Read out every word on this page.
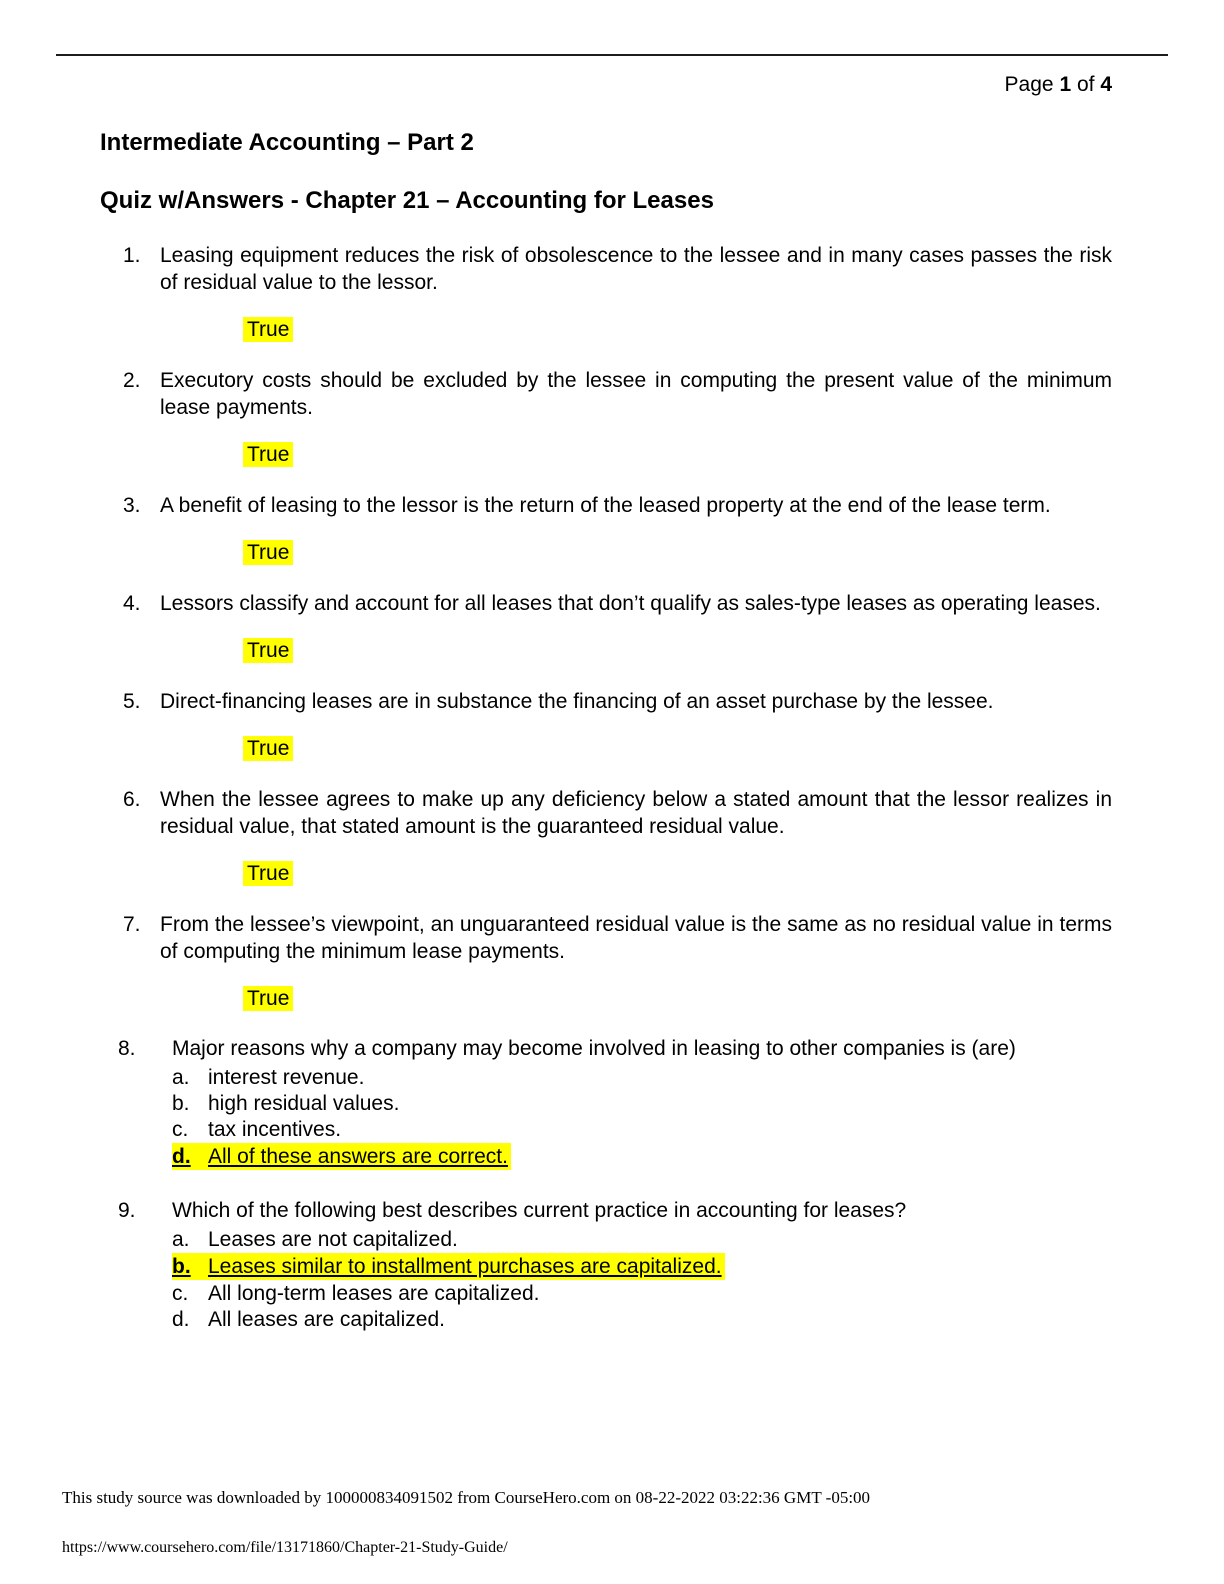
Page 1 of 4
Intermediate Accounting – Part 2
Quiz w/Answers - Chapter 21 – Accounting for Leases
1. Leasing equipment reduces the risk of obsolescence to the lessee and in many cases passes the risk of residual value to the lessor.
True
2. Executory costs should be excluded by the lessee in computing the present value of the minimum lease payments.
True
3. A benefit of leasing to the lessor is the return of the leased property at the end of the lease term.
True
4. Lessors classify and account for all leases that don’t qualify as sales-type leases as operating leases.
True
5. Direct-financing leases are in substance the financing of an asset purchase by the lessee.
True
6. When the lessee agrees to make up any deficiency below a stated amount that the lessor realizes in residual value, that stated amount is the guaranteed residual value.
True
7. From the lessee’s viewpoint, an unguaranteed residual value is the same as no residual value in terms of computing the minimum lease payments.
True
8.	Major reasons why a company may become involved in leasing to other companies is (are)
a. interest revenue.
b. high residual values.
c. tax incentives.
d. All of these answers are correct.
9.	Which of the following best describes current practice in accounting for leases?
a. Leases are not capitalized.
b. Leases similar to installment purchases are capitalized.
c. All long-term leases are capitalized.
d. All leases are capitalized.
This study source was downloaded by 100000834091502 from CourseHero.com on 08-22-2022 03:22:36 GMT -05:00
https://www.coursehero.com/file/13171860/Chapter-21-Study-Guide/
